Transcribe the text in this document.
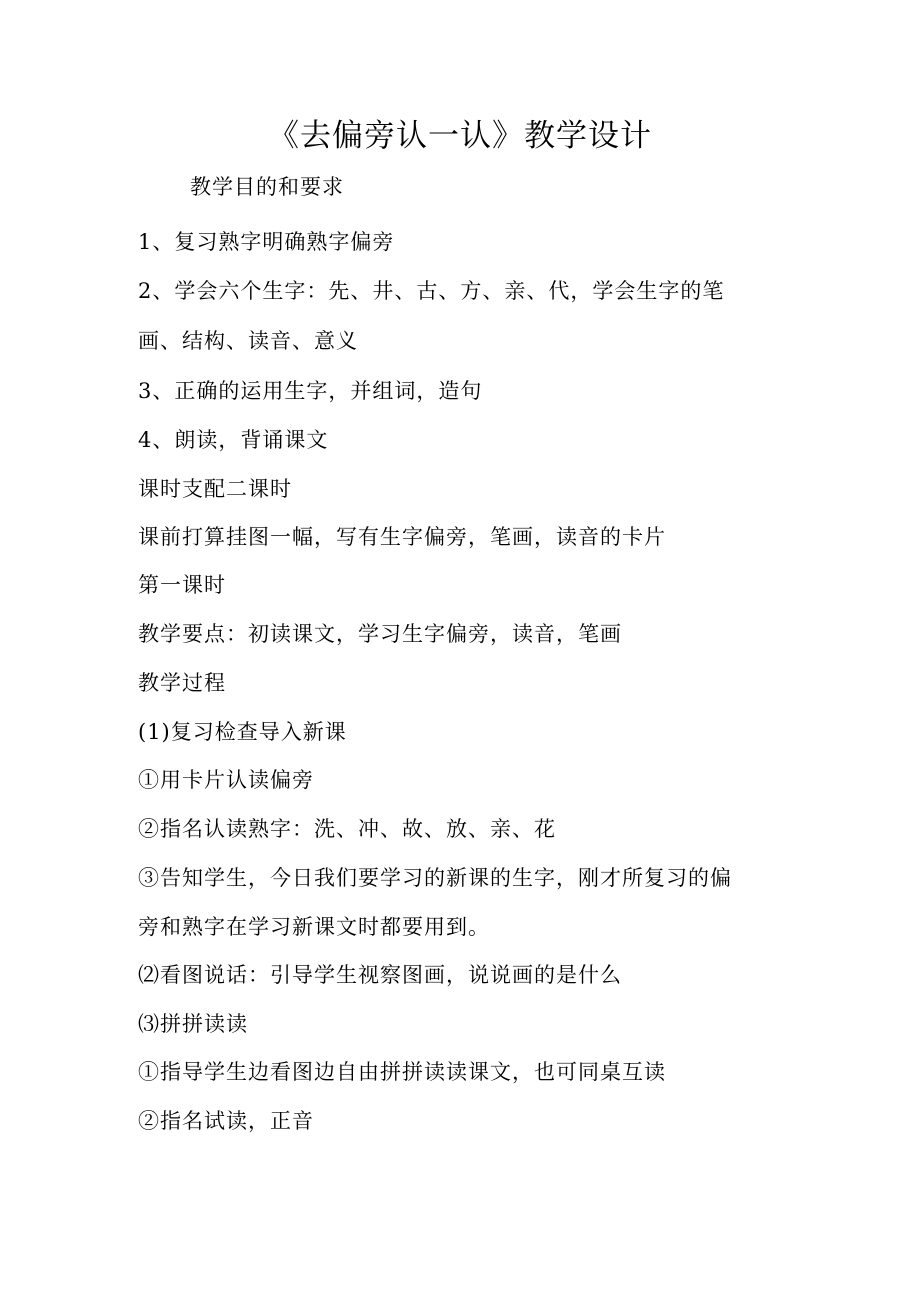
《去偏旁认一认》教学设计
教学目的和要求
1、复习熟字明确熟字偏旁
2、学会六个生字：先、井、古、方、亲、代，学会生字的笔
画、结构、读音、意义
3、正确的运用生字，并组词，造句
4、朗读，背诵课文
课时支配二课时
课前打算挂图一幅，写有生字偏旁，笔画，读音的卡片
第一课时
教学要点：初读课文，学习生字偏旁，读音，笔画
教学过程
(1)复习检查导入新课
①用卡片认读偏旁
②指名认读熟字：洗、冲、故、放、亲、花
③告知学生，今日我们要学习的新课的生字，刚才所复习的偏
旁和熟字在学习新课文时都要用到。
⑵看图说话：引导学生视察图画，说说画的是什么
⑶拼拼读读
①指导学生边看图边自由拼拼读读课文，也可同桌互读
②指名试读，正音
